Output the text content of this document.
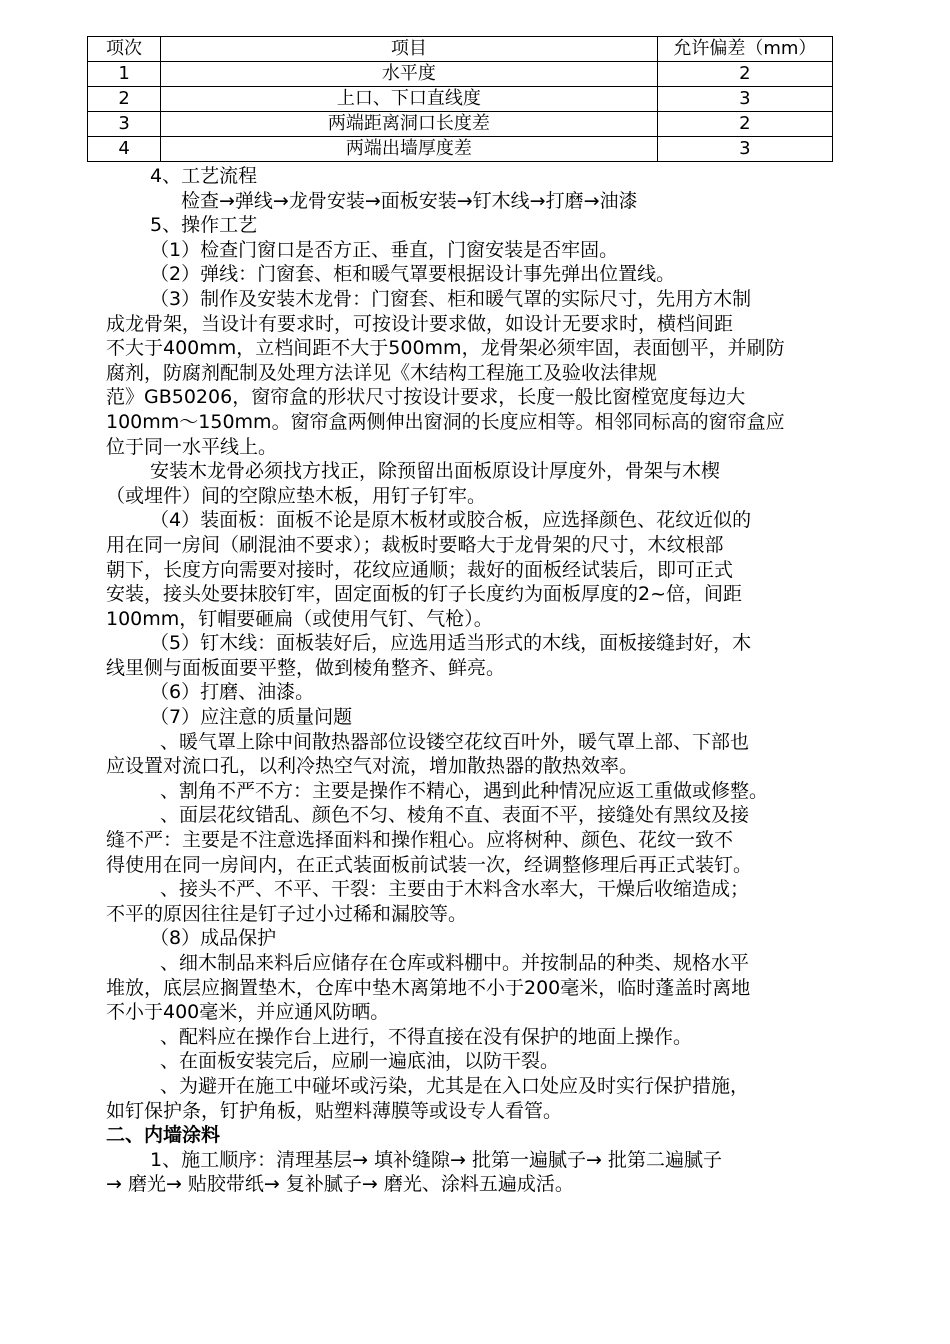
项次	项目	允许偏差（mm）
1	水平度	2
2	上口、下口直线度	3
3	两端距离洞口长度差	2
4	两端出墙厚度差	3
4、工艺流程
检查→弹线→龙骨安装→面板安装→钉木线→打磨→油漆
5、操作工艺
（1）检查门窗口是否方正、垂直，门窗安装是否牢固。
（2）弹线：门窗套、柜和暖气罩要根据设计事先弹出位置线。
（3）制作及安装木龙骨：门窗套、柜和暖气罩的实际尺寸，先用方木制
成龙骨架，当设计有要求时，可按设计要求做，如设计无要求时，横档间距
不大于400mm，立档间距不大于500mm，龙骨架必须牢固，表面刨平，并刷防
腐剂，防腐剂配制及处理方法详见《木结构工程施工及验收法律规
范》GB50206，窗帘盒的形状尺寸按设计要求，长度一般比窗樘宽度每边大
100mm～150mm。窗帘盒两侧伸出窗洞的长度应相等。相邻同标高的窗帘盒应
位于同一水平线上。
安装木龙骨必须找方找正，除预留出面板原设计厚度外，骨架与木楔
（或埋件）间的空隙应垫木板，用钉子钉牢。
（4）装面板：面板不论是原木板材或胶合板，应选择颜色、花纹近似的
用在同一房间（刷混油不要求）；裁板时要略大于龙骨架的尺寸，木纹根部
朝下，长度方向需要对接时，花纹应通顺；裁好的面板经试装后，即可正式
安装，接头处要抹胶钉牢，固定面板的钉子长度约为面板厚度的2~倍，间距
100mm，钉帽要砸扁（或使用气钉、气枪）。
（5）钉木线：面板装好后，应选用适当形式的木线，面板接缝封好，木
线里侧与面板面要平整，做到棱角整齐、鲜亮。
（6）打磨、油漆。
（7）应注意的质量问题
、暖气罩上除中间散热器部位设镂空花纹百叶外，暖气罩上部、下部也
应设置对流口孔，以利冷热空气对流，增加散热器的散热效率。
、割角不严不方：主要是操作不精心，遇到此种情况应返工重做或修整。
、面层花纹错乱、颜色不匀、棱角不直、表面不平，接缝处有黑纹及接
缝不严：主要是不注意选择面料和操作粗心。应将树种、颜色、花纹一致不
得使用在同一房间内，在正式装面板前试装一次，经调整修理后再正式装钉。
、接头不严、不平、干裂：主要由于木料含水率大，干燥后收缩造成；
不平的原因往往是钉子过小过稀和漏胶等。
（8）成品保护
、细木制品来料后应储存在仓库或料棚中。并按制品的种类、规格水平
堆放，底层应搁置垫木，仓库中垫木离第地不小于200毫米，临时蓬盖时离地
不小于400毫米，并应通风防晒。
、配料应在操作台上进行，不得直接在没有保护的地面上操作。
、在面板安装完后，应刷一遍底油，以防干裂。
、为避开在施工中碰坏或污染，尤其是在入口处应及时实行保护措施，
如钉保护条，钉护角板，贴塑料薄膜等或设专人看管。
二、内墙涂料
1、施工顺序：清理基层→ 填补缝隙→ 批第一遍腻子→ 批第二遍腻子
→ 磨光→ 贴胶带纸→ 复补腻子→ 磨光、涂料五遍成活。
